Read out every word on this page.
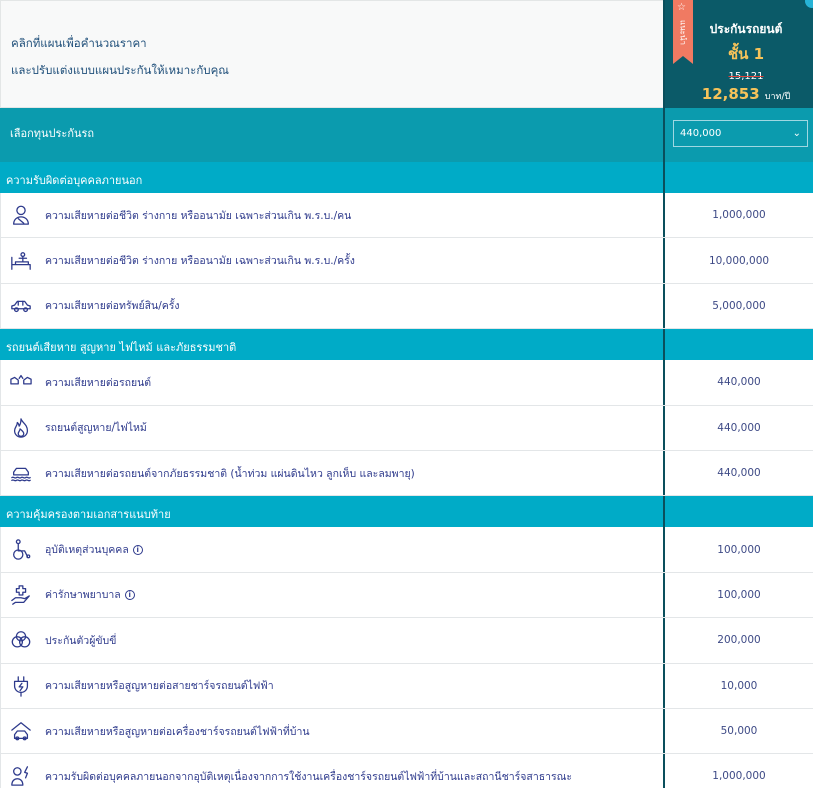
คลิกที่แผนเพื่อคำนวณราคา
และปรับแต่งแบบแผนประกันให้เหมาะกับคุณ
☆
แนะนำ	ประกันรถยนต์
ชั้น 1
15,121
12,853 บาท/ปี
เลือกทุนประกันรถ	440,000	⌄
ความรับผิดต่อบุคคลภายนอก
ความเสียหายต่อชีวิต ร่างกาย หรืออนามัย เฉพาะส่วนเกิน พ.ร.บ./คน	1,000,000
ความเสียหายต่อชีวิต ร่างกาย หรืออนามัย เฉพาะส่วนเกิน พ.ร.บ./ครั้ง	10,000,000
ความเสียหายต่อทรัพย์สิน/ครั้ง	5,000,000
รถยนต์เสียหาย สูญหาย ไฟไหม้ และภัยธรรมชาติ
ความเสียหายต่อรถยนต์	440,000
รถยนต์สูญหาย/ไฟไหม้	440,000
ความเสียหายต่อรถยนต์จากภัยธรรมชาติ (น้ำท่วม แผ่นดินไหว ลูกเห็บ และลมพายุ)	440,000
ความคุ้มครองตามเอกสารแนบท้าย
อุบัติเหตุส่วนบุคคล i	100,000
ค่ารักษาพยาบาล i	100,000
ประกันตัวผู้ขับขี่	200,000
ความเสียหายหรือสูญหายต่อสายชาร์จรถยนต์ไฟฟ้า	10,000
ความเสียหายหรือสูญหายต่อเครื่องชาร์จรถยนต์ไฟฟ้าที่บ้าน	50,000
ความรับผิดต่อบุคคลภายนอกจากอุบัติเหตุเนื่องจากการใช้งานเครื่องชาร์จรถยนต์ไฟฟ้าที่บ้านและสถานีชาร์จสาธารณะ	1,000,000
